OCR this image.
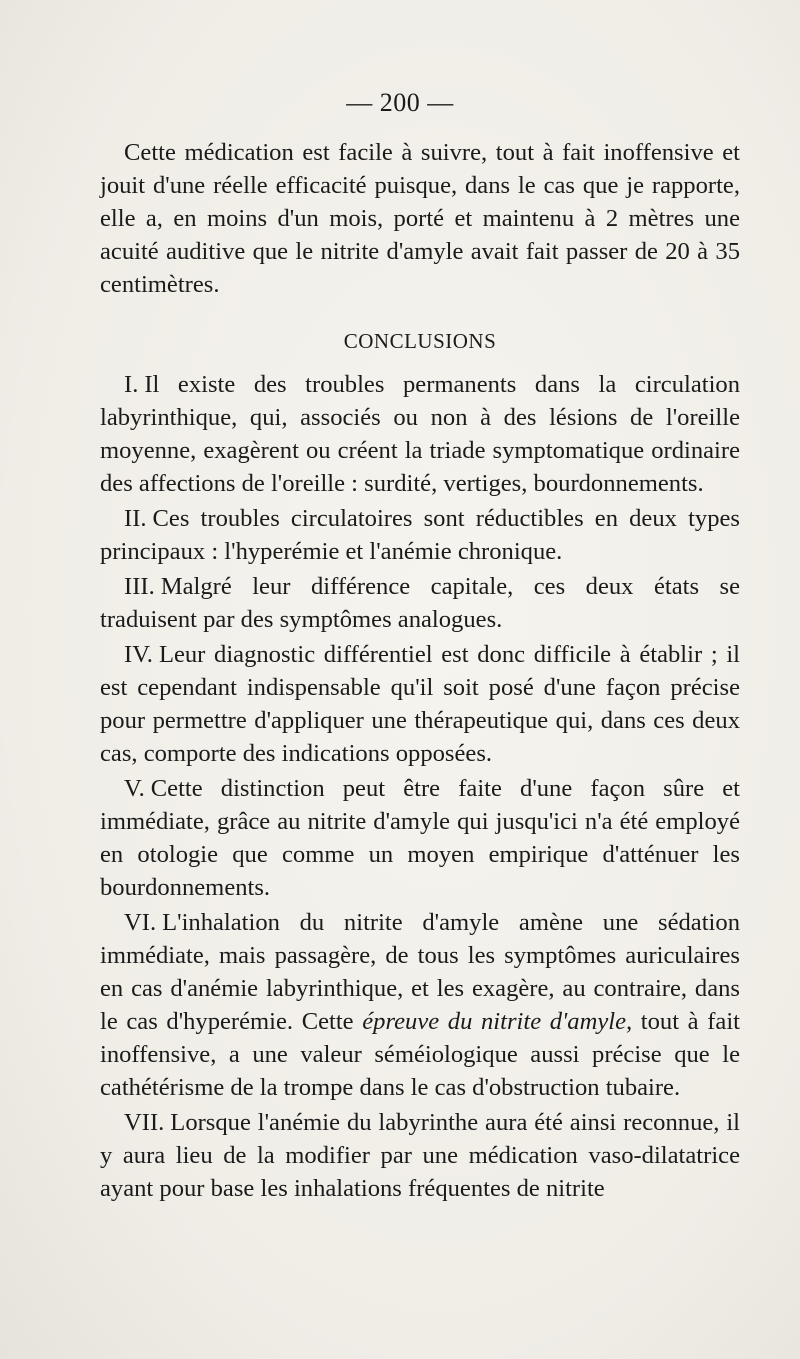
— 200 —

Cette médication est facile à suivre, tout à fait inoffensive et jouit d'une réelle efficacité puisque, dans le cas que je rapporte, elle a, en moins d'un mois, porté et maintenu à 2 mètres une acuité auditive que le nitrite d'amyle avait fait passer de 20 à 35 centimètres.

CONCLUSIONS

I. Il existe des troubles permanents dans la circulation labyrinthique, qui, associés ou non à des lésions de l'oreille moyenne, exagèrent ou créent la triade symptomatique ordinaire des affections de l'oreille : surdité, vertiges, bourdonnements.

II. Ces troubles circulatoires sont réductibles en deux types principaux : l'hyperémie et l'anémie chronique.

III. Malgré leur différence capitale, ces deux états se traduisent par des symptômes analogues.

IV. Leur diagnostic différentiel est donc difficile à établir ; il est cependant indispensable qu'il soit posé d'une façon précise pour permettre d'appliquer une thérapeutique qui, dans ces deux cas, comporte des indications opposées.

V. Cette distinction peut être faite d'une façon sûre et immédiate, grâce au nitrite d'amyle qui jusqu'ici n'a été employé en otologie que comme un moyen empirique d'atténuer les bourdonnements.

VI. L'inhalation du nitrite d'amyle amène une sédation immédiate, mais passagère, de tous les symptômes auriculaires en cas d'anémie labyrinthique, et les exagère, au contraire, dans le cas d'hyperémie. Cette épreuve du nitrite d'amyle, tout à fait inoffensive, a une valeur séméiologique aussi précise que le cathétérisme de la trompe dans le cas d'obstruction tubaire.

VII. Lorsque l'anémie du labyrinthe aura été ainsi reconnue, il y aura lieu de la modifier par une médication vaso-dilatatrice ayant pour base les inhalations fréquentes de nitrite
